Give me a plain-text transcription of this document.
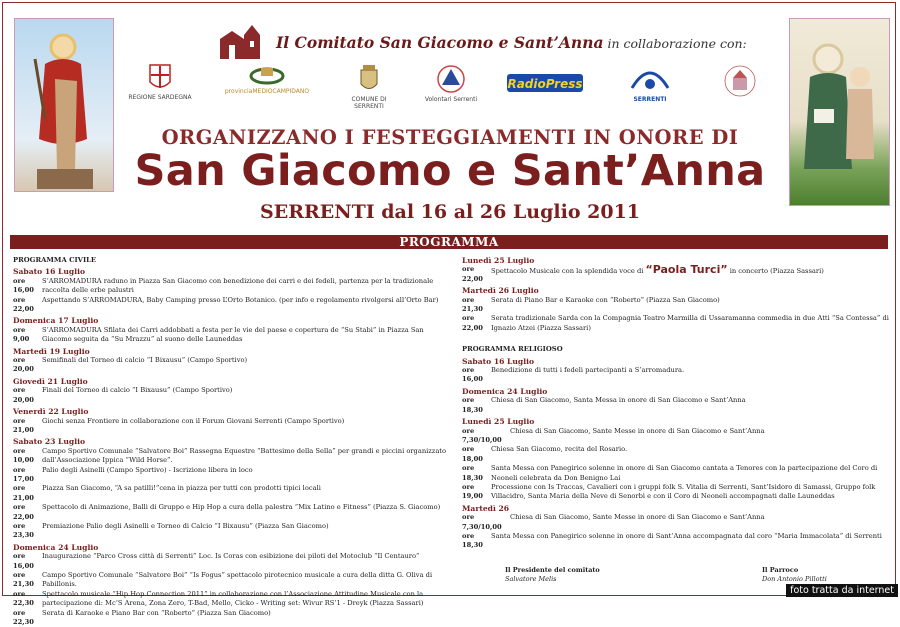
Il Comitato San Giacomo e Sant’Anna in collaborazione con:
REGIONE SARDEGNA
provinciaMEDIOCAMPIDANO
COMUNE DI SERRENTI
Volontari Serrenti
RadioPress
SERRENTI
ORGANIZZANO I FESTEGGIAMENTI IN ONORE DI
San Giacomo e Sant’Anna
SERRENTI dal 16 al 26 Luglio 2011
PROGRAMMA
PROGRAMMA CIVILE
Sabato 16 Luglio
ore 16,00
S’ARROMADURA raduno in Piazza San Giacomo con benedizione dei carri e dei fedeli, partenza per la tradizionale raccolta delle erbe palustri
ore 22,00
Aspettando S’ARROMADURA, Baby Camping presso L’Orto Botanico. (per info e regolamento rivolgersi all’Orto Bar)
Domenica 17 Luglio
ore 9,00
S’ARROMADURA Sfilata dei Carri addobbati a festa per le vie del paese e copertura de “Su Stabi” in Piazza San Giacomo seguita da “Su Mrazzu” al suono delle Launeddas
Martedì 19 Luglio
ore 20,00
Semifinali del Torneo di calcio “I Bixausu” (Campo Sportivo)
Giovedì 21 Luglio
ore 20,00
Finali del Torneo di calcio “I Bixausu” (Campo Sportivo)
Venerdì 22 Luglio
ore 21,00
Giochi senza Frontiere in collaborazione con il Forum Giovani Serrenti (Campo Sportivo)
Sabato 23 Luglio
ore 10,00
Campo Sportivo Comunale “Salvatore Boi” Rassegna Equestre “Battesimo della Sella” per grandi e piccini organizzato dall’Associazione Ippica “Wild Horse”.
ore 17,00
Palio degli Asinelli (Campo Sportivo) - Iscrizione libera in loco
ore 21,00
Piazza San Giacomo, “A sa patilli!”cena in piazza per tutti con prodotti tipici locali
ore 22,00
Spettacolo di Animazione, Balli di Gruppo e Hip Hop a cura della palestra “Mix Latino e Fitness” (Piazza S. Giacomo)
ore 23,30
Premiazione Palio degli Asinelli e Torneo di Calcio “I Bixausu” (Piazza San Giacomo)
Domenica 24 Luglio
ore 16,00
Inaugurazione “Parco Cross città di Serrenti” Loc. Is Coras con esibizione dei piloti del Motoclub “Il Centauro”
ore 21,30
Campo Sportivo Comunale “Salvatore Boi” “Is Fogus” spettacolo pirotecnico musicale a cura della ditta G. Oliva di Pabillonis.
ore 22,30
Spettacolo musicale “Hip Hop Connection 2011” in collaborazione con l’Associazione Attitudine Musicale con la partecipazione di: Mc’S Arena, Zona Zero, T-Bad, Mello, Cicko - Writing set: Wivur RS’1 - Dreyk (Piazza Sassari)
ore 22,30
Serata di Karaoke e Piano Bar con “Roberto” (Piazza San Giacomo)
Lunedì 25 Luglio
ore 22,00
Spettacolo Musicale con la splendida voce di “Paola Turci” in concerto (Piazza Sassari)
Martedì 26 Luglio
ore 21,30
Serata di Piano Bar e Karaoke con “Roberto” (Piazza San Giacomo)
ore 22,00
Serata tradizionale Sarda con la Compagnia Teatro Marmilla di Ussaramanna commedia in due Atti “Sa Contessa” di Ignazio Atzei (Piazza Sassari)
PROGRAMMA RELIGIOSO
Sabato 16 Luglio
ore 16,00
Benedizione di tutti i fedeli partecipanti a S’arromadura.
Domenica 24 Luglio
ore 18,30
Chiesa di San Giacomo, Santa Messa in onore di San Giacomo e Sant’Anna
Lunedì 25 Luglio
ore 7,30/10,00
Chiesa di San Giacomo, Sante Messe in onore di San Giacomo e Sant’Anna
ore 18,00
Chiesa San Giacomo, recita del Rosario.
ore 18,30
Santa Messa con Panegirico solenne in onore di San Giacomo cantata a Tenores con la partecipazione del Coro di Neoneli celebrata da Don Benigno Lai
ore 19,00
Processione con Is Traccas, Cavalieri con i gruppi folk S. Vitalia di Serrenti, Sant’Isidoro di Samassi, Gruppo folk Villacidro, Santa Maria della Neve di Senorbì e con il Coro di Neoneli accompagnati dalle Launeddas
Martedì 26
ore 7,30/10,00
Chiesa di San Giacomo, Sante Messe in onore di San Giacomo e Sant’Anna
ore 18,30
Santa Messa con Panegirico solenne in onore di Sant’Anna accompagnata dal coro “Maria Immacolata” di Serrenti
Il Presidente del comitato
Salvatore Melis
Il Parroco
Don Antonio Pillotti
foto tratta da internet
